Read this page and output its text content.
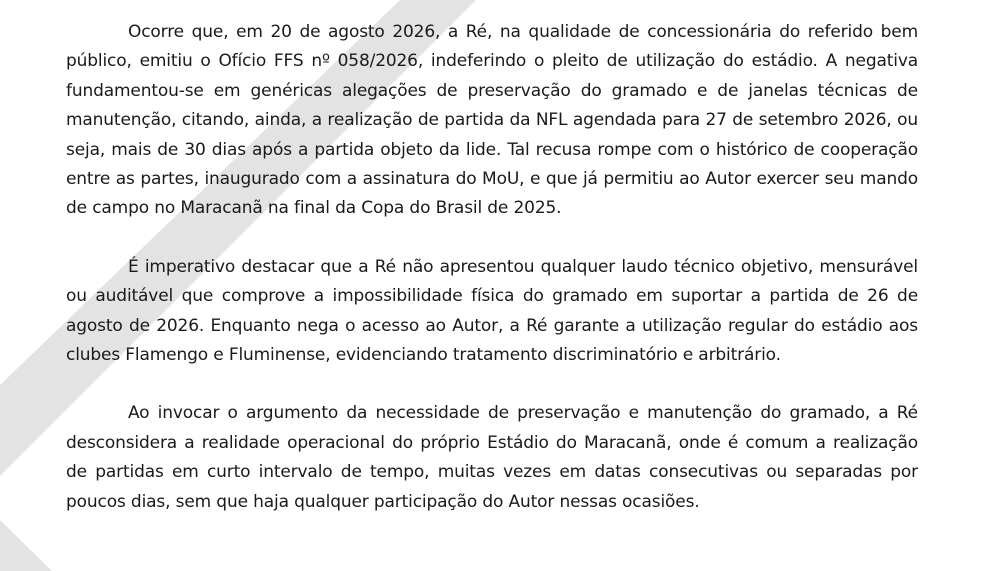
Ocorre que, em 20 de agosto 2026, a Ré, na qualidade de concessionária do referido bem público, emitiu o Ofício FFS nº 058/2026, indeferindo o pleito de utilização do estádio. A negativa fundamentou-se em genéricas alegações de preservação do gramado e de janelas técnicas de manutenção, citando, ainda, a realização de partida da NFL agendada para 27 de setembro 2026, ou seja, mais de 30 dias após a partida objeto da lide. Tal recusa rompe com o histórico de cooperação entre as partes, inaugurado com a assinatura do MoU, e que já permitiu ao Autor exercer seu mando de campo no Maracanã na final da Copa do Brasil de 2025.

É imperativo destacar que a Ré não apresentou qualquer laudo técnico objetivo, mensurável ou auditável que comprove a impossibilidade física do gramado em suportar a partida de 26 de agosto de 2026. Enquanto nega o acesso ao Autor, a Ré garante a utilização regular do estádio aos clubes Flamengo e Fluminense, evidenciando tratamento discriminatório e arbitrário.

Ao invocar o argumento da necessidade de preservação e manutenção do gramado, a Ré desconsidera a realidade operacional do próprio Estádio do Maracanã, onde é comum a realização de partidas em curto intervalo de tempo, muitas vezes em datas consecutivas ou separadas por poucos dias, sem que haja qualquer participação do Autor nessas ocasiões.
